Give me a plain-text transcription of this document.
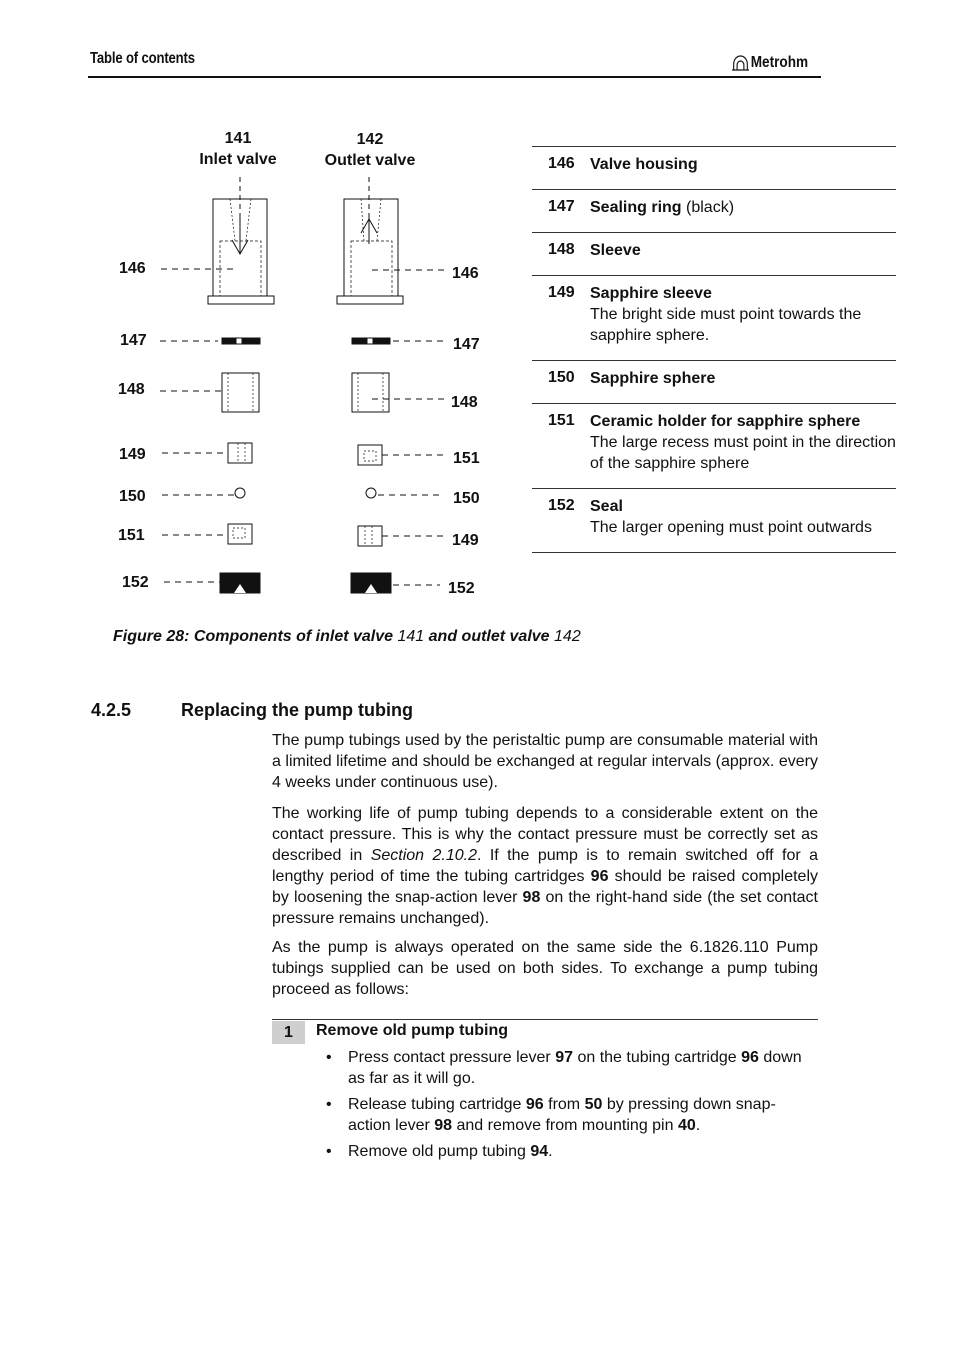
Table of contents	Metrohm
141
Inlet valve
142
Outlet valve
146
147
148
149
150
151
152
146
147
148
151
150
149
152
146 Valve housing
147 Sealing ring (black)
148 Sleeve
149 Sapphire sleeve
The bright side must point towards the sapphire sphere.
150 Sapphire sphere
151 Ceramic holder for sapphire sphere
The large recess must point in the direction of the sapphire sphere
152 Seal
The larger opening must point outwards
Figure 28: Components of inlet valve 141 and outlet valve 142
4.2.5	Replacing the pump tubing
The pump tubings used by the peristaltic pump are consumable material with a limited lifetime and should be exchanged at regular intervals (approx. every 4 weeks under continuous use).
The working life of pump tubing depends to a considerable extent on the contact pressure. This is why the contact pressure must be correctly set as described in Section 2.10.2. If the pump is to remain switched off for a lengthy period of time the tubing cartridges 96 should be raised completely by loosening the snap-action lever 98 on the right-hand side (the set contact pressure remains unchanged).
As the pump is always operated on the same side the 6.1826.110 Pump tubings supplied can be used on both sides. To exchange a pump tubing proceed as follows:
1	Remove old pump tubing
• Press contact pressure lever 97 on the tubing cartridge 96 down as far as it will go.
• Release tubing cartridge 96 from 50 by pressing down snap-action lever 98 and remove from mounting pin 40.
• Remove old pump tubing 94.
